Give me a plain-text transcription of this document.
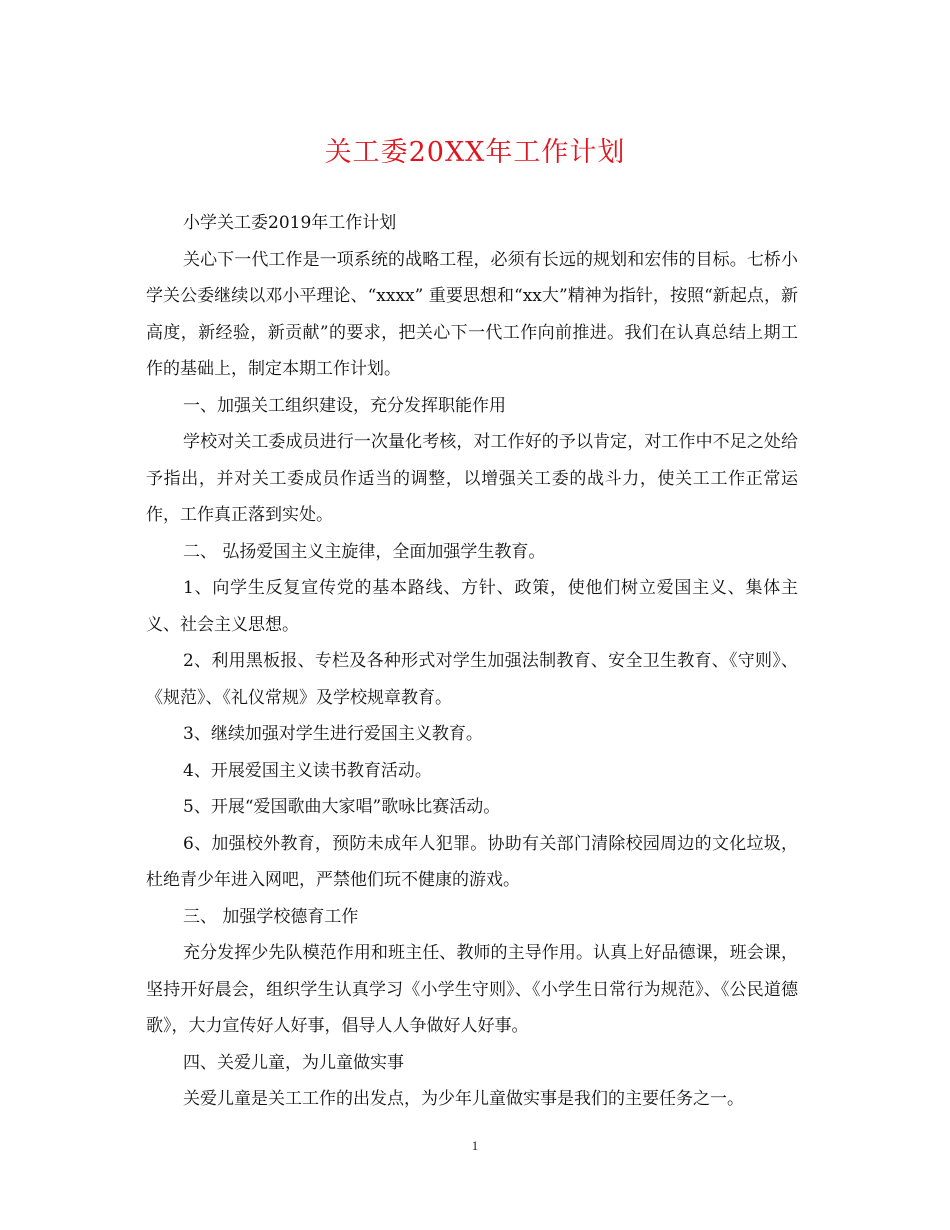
关工委20XX年工作计划

小学关工委2019年工作计划

关心下一代工作是一项系统的战略工程，必须有长远的规划和宏伟的目标。七桥小学关公委继续以邓小平理论、“xxxx” 重要思想和“xx大”精神为指针，按照“新起点，新高度，新经验，新贡献”的要求，把关心下一代工作向前推进。我们在认真总结上期工作的基础上，制定本期工作计划。

一、加强关工组织建设，充分发挥职能作用

学校对关工委成员进行一次量化考核，对工作好的予以肯定，对工作中不足之处给予指出，并对关工委成员作适当的调整，以增强关工委的战斗力，使关工工作正常运作，工作真正落到实处。

二、 弘扬爱国主义主旋律，全面加强学生教育。

1、向学生反复宣传党的基本路线、方针、政策，使他们树立爱国主义、集体主义、社会主义思想。

2、利用黑板报、专栏及各种形式对学生加强法制教育、安全卫生教育、《守则》、《规范》、《礼仪常规》及学校规章教育。

3、继续加强对学生进行爱国主义教育。

4、开展爱国主义读书教育活动。

5、开展“爱国歌曲大家唱”歌咏比赛活动。

6、加强校外教育，预防未成年人犯罪。协助有关部门清除校园周边的文化垃圾，杜绝青少年进入网吧，严禁他们玩不健康的游戏。

三、 加强学校德育工作

充分发挥少先队模范作用和班主任、教师的主导作用。认真上好品德课，班会课，坚持开好晨会，组织学生认真学习《小学生守则》、《小学生日常行为规范》、《公民道德歌》，大力宣传好人好事，倡导人人争做好人好事。

四、关爱儿童，为儿童做实事

关爱儿童是关工工作的出发点，为少年儿童做实事是我们的主要任务之一。

1
